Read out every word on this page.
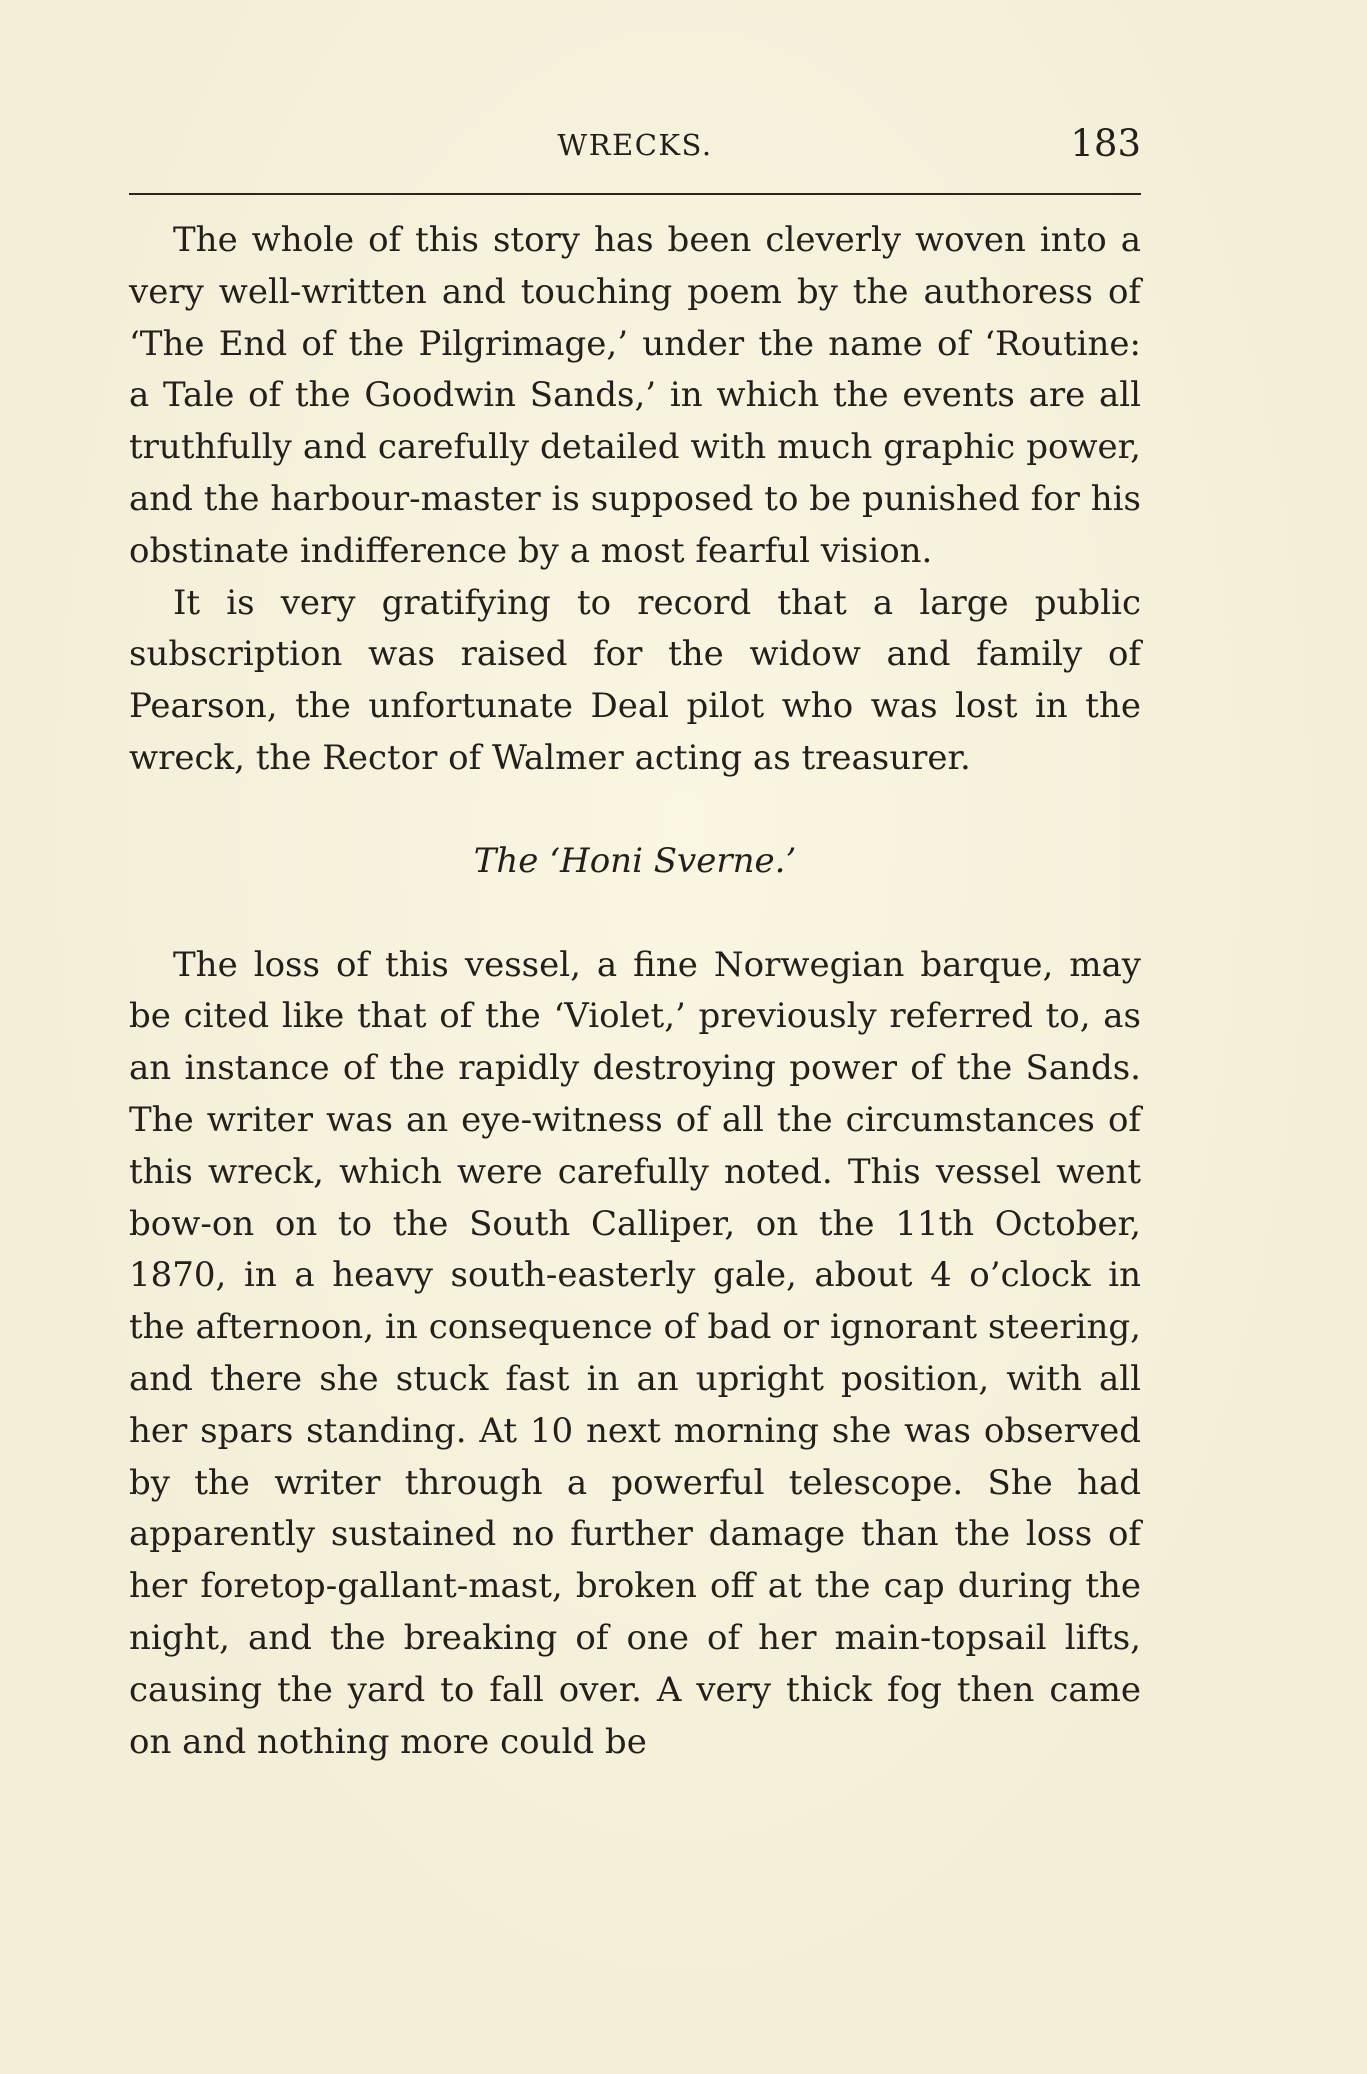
WRECKS.	183

The whole of this story has been cleverly woven into a very well-written and touching poem by the authoress of ‘The End of the Pilgrimage,’ under the name of ‘Routine: a Tale of the Goodwin Sands,’ in which the events are all truthfully and carefully detailed with much graphic power, and the harbour-master is supposed to be punished for his obstinate indifference by a most fearful vision.

It is very gratifying to record that a large public subscription was raised for the widow and family of Pearson, the unfortunate Deal pilot who was lost in the wreck, the Rector of Walmer acting as treasurer.

The ‘Honi Sverne.’

The loss of this vessel, a fine Norwegian barque, may be cited like that of the ‘Violet,’ previously referred to, as an instance of the rapidly destroying power of the Sands. The writer was an eye-witness of all the circumstances of this wreck, which were carefully noted. This vessel went bow-on on to the South Calliper, on the 11th October, 1870, in a heavy south-easterly gale, about 4 o’clock in the afternoon, in consequence of bad or ignorant steering, and there she stuck fast in an upright position, with all her spars standing. At 10 next morning she was observed by the writer through a powerful telescope. She had apparently sustained no further damage than the loss of her foretop-gallant-mast, broken off at the cap during the night, and the breaking of one of her main-topsail lifts, causing the yard to fall over. A very thick fog then came on and nothing more could be
